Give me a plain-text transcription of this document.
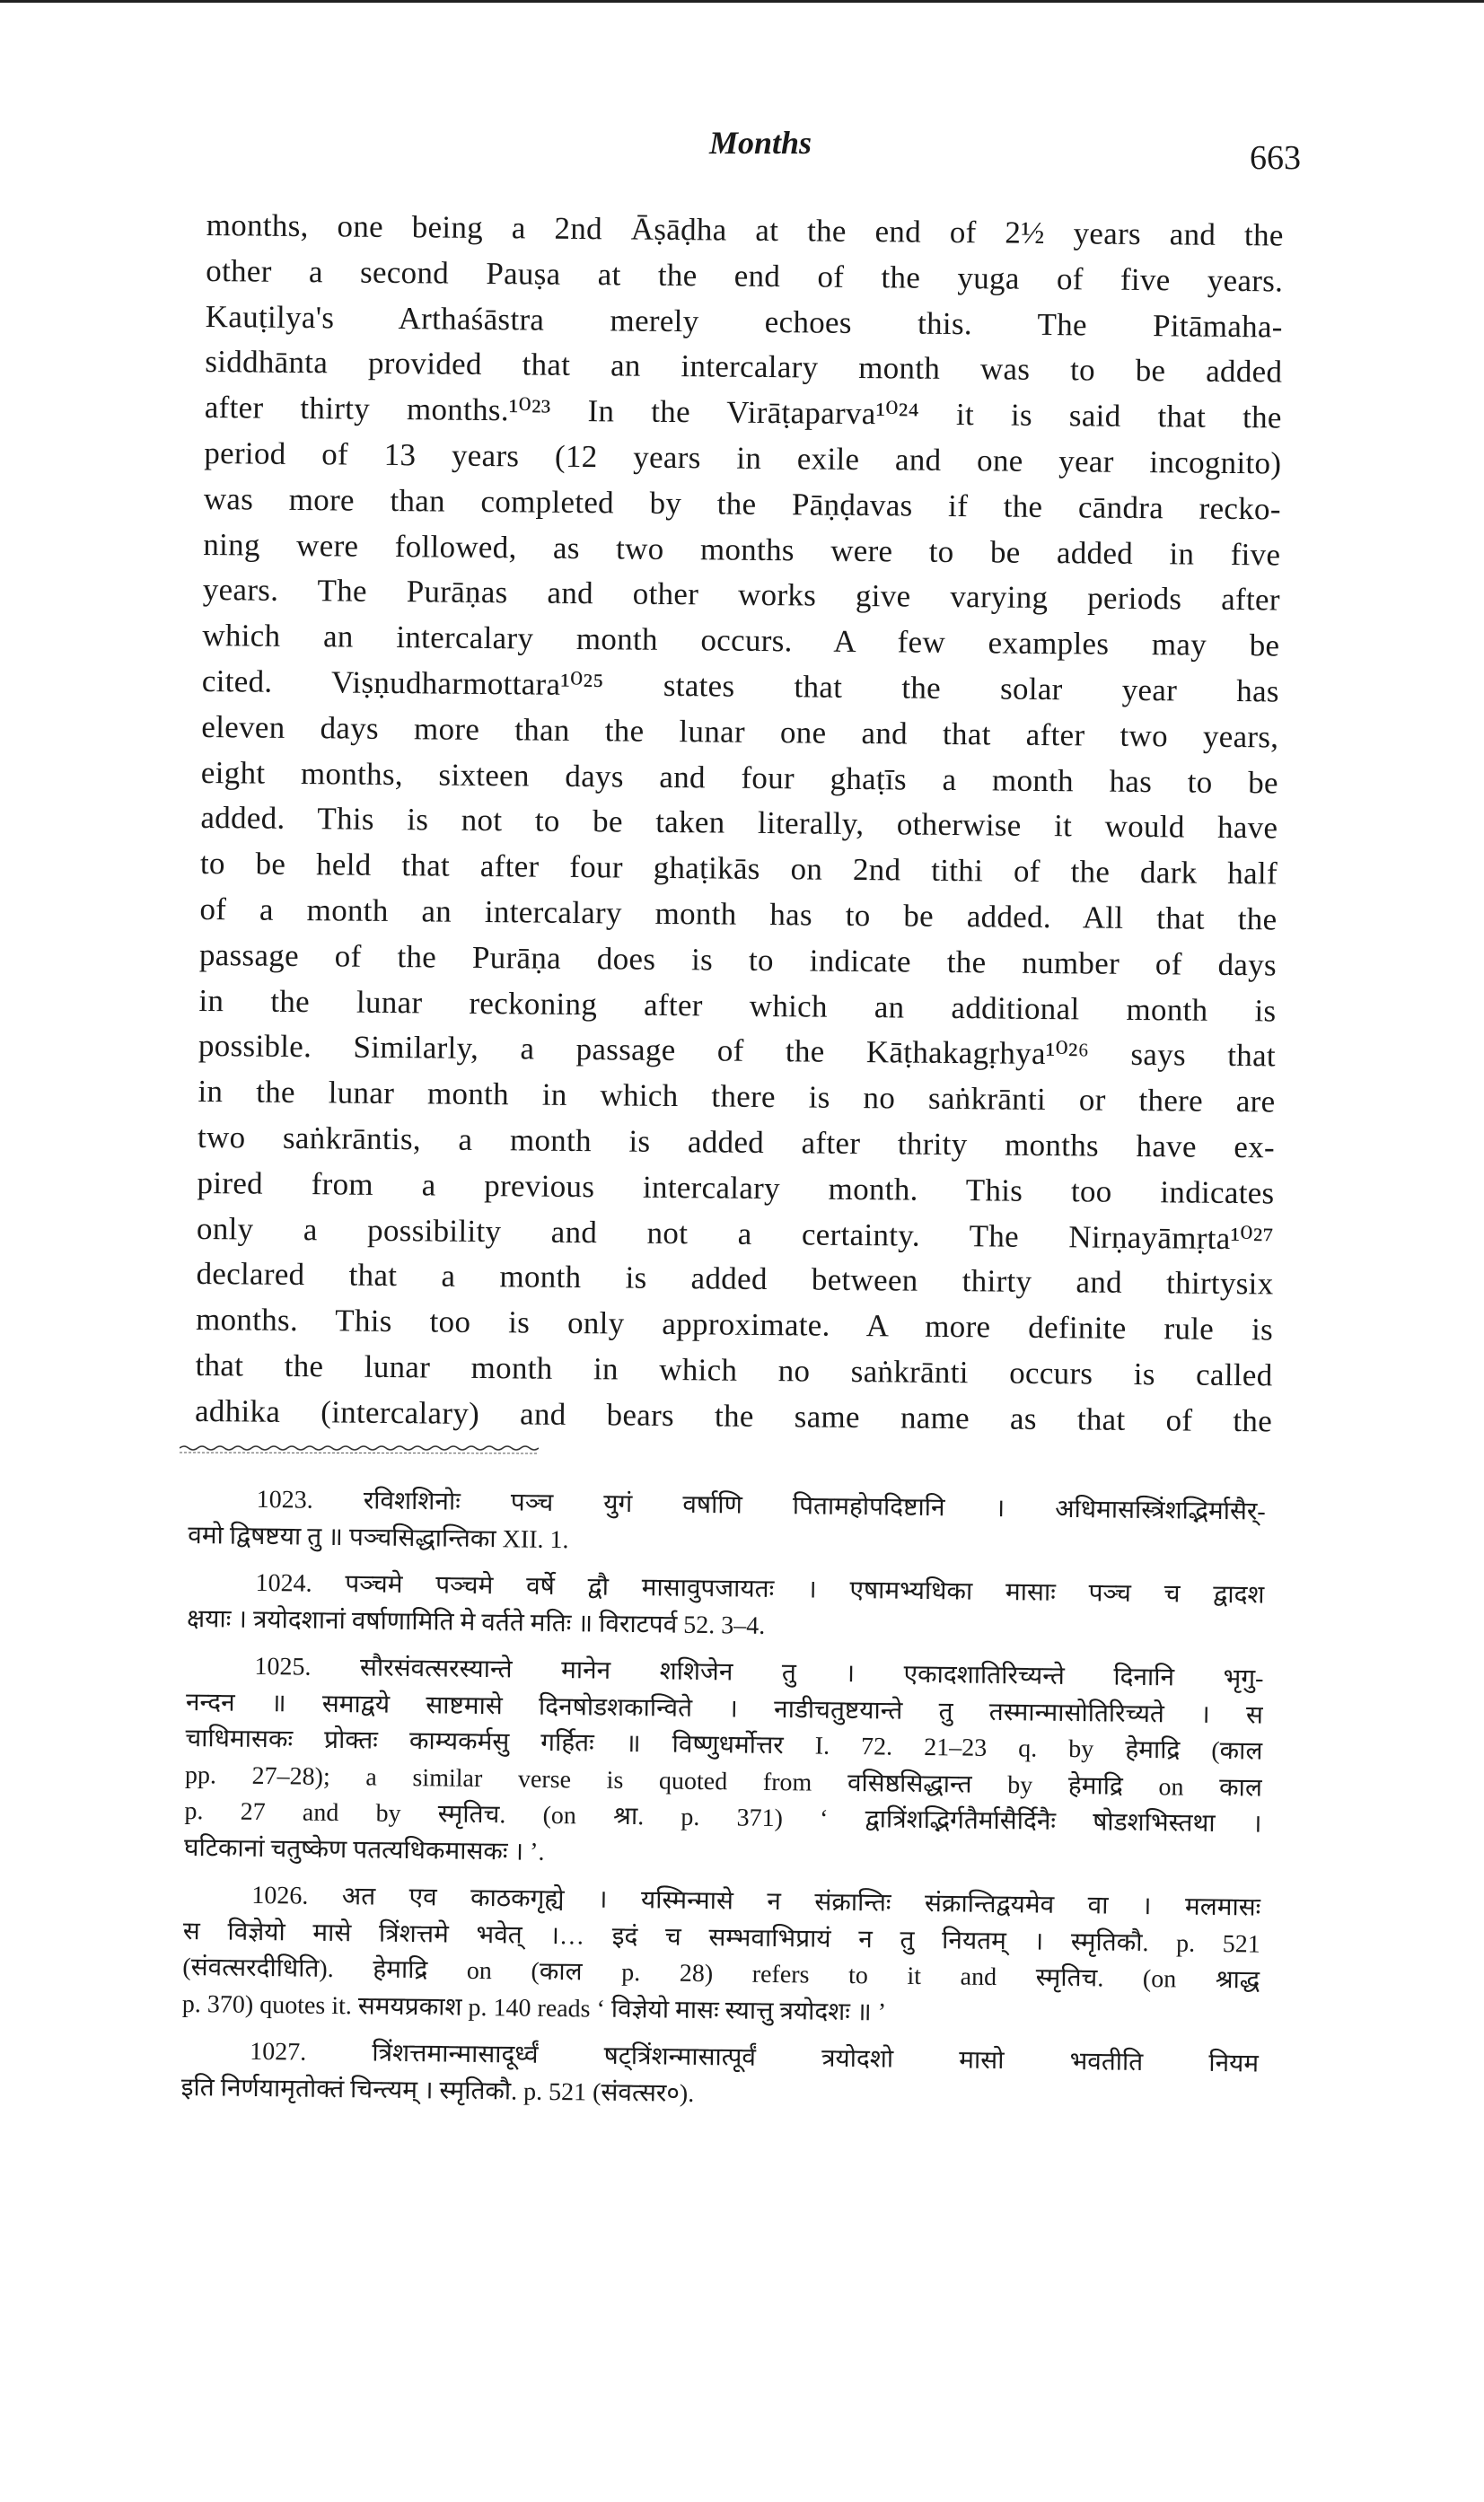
Months	663
months, one being a 2nd Āṣāḍha at the end of 2½ years and the
other a second Pauṣa at the end of the yuga of five years.
Kauṭilya's Arthaśāstra merely echoes this. The Pitāmaha-
siddhānta provided that an intercalary month was to be added
after thirty months.¹⁰²³ In the Virāṭaparva¹⁰²⁴ it is said that the
period of 13 years (12 years in exile and one year incognito)
was more than completed by the Pāṇḍavas if the cāndra recko-
ning were followed, as two months were to be added in five
years. The Purāṇas and other works give varying periods after
which an intercalary month occurs. A few examples may be
cited. Viṣṇudharmottara¹⁰²⁵ states that the solar year has
eleven days more than the lunar one and that after two years,
eight months, sixteen days and four ghaṭīs a month has to be
added. This is not to be taken literally, otherwise it would have
to be held that after four ghaṭikās on 2nd tithi of the dark half
of a month an intercalary month has to be added. All that the
passage of the Purāṇa does is to indicate the number of days
in the lunar reckoning after which an additional month is
possible. Similarly, a passage of the Kāṭhakagṛhya¹⁰²⁶ says that
in the lunar month in which there is no saṅkrānti or there are
two saṅkrāntis, a month is added after thrity months have ex-
pired from a previous intercalary month. This too indicates
only a possibility and not a certainty. The Nirṇayāmṛta¹⁰²⁷
declared that a month is added between thirty and thirtysix
months. This too is only approximate. A more definite rule is
that the lunar month in which no saṅkrānti occurs is called
adhika (intercalary) and bears the same name as that of the
1023. रविशशिनोः पञ्च युगं वर्षाणि पितामहोपदिष्टानि । अधिमासस्त्रिंशद्भिर्मासैर्-
वमो द्विषष्टया तु ॥ पञ्चसिद्धान्तिका XII. 1.
1024. पञ्चमे पञ्चमे वर्षे द्वौ मासावुपजायतः । एषामभ्यधिका मासाः पञ्च च द्वादश
क्षयाः । त्रयोदशानां वर्षाणामिति मे वर्तते मतिः ॥ विराटपर्व 52. 3–4.
1025. सौरसंवत्सरस्यान्ते मानेन शशिजेन तु । एकादशातिरिच्यन्ते दिनानि भृगु-
नन्दन ॥ समाद्वये साष्टमासे दिनषोडशकान्विते । नाडीचतुष्टयान्ते तु तस्मान्मासोतिरिच्यते । स
चाधिमासकः प्रोक्तः काम्यकर्मसु गर्हितः ॥ विष्णुधर्मोत्तर I. 72. 21–23 q. by हेमाद्रि (काल
pp. 27–28); a similar verse is quoted from वसिष्ठसिद्धान्त by हेमाद्रि on काल
p. 27 and by स्मृतिच. (on श्रा. p. 371) ‘ द्वात्रिंशद्भिर्गतैर्मासैर्दिनैः षोडशभिस्तथा ।
घटिकानां चतुष्केण पतत्यधिकमासकः । ’.
1026. अत एव काठकगृह्ये । यस्मिन्मासे न संक्रान्तिः संक्रान्तिद्वयमेव वा । मलमासः
स विज्ञेयो मासे त्रिंशत्तमे भवेत् ।… इदं च सम्भवाभिप्रायं न तु नियतम् । स्मृतिकौ. p. 521
(संवत्सरदीधिति). हेमाद्रि on (काल p. 28) refers to it and स्मृतिच. (on श्राद्ध
p. 370) quotes it. समयप्रकाश p. 140 reads ‘ विज्ञेयो मासः स्यात्तु त्रयोदशः ॥ ’
1027. त्रिंशत्तमान्मासादूर्ध्वं षट्त्रिंशन्मासात्पूर्वं त्रयोदशो मासो भवतीति नियम
इति निर्णयामृतोक्तं चिन्त्यम् । स्मृतिकौ. p. 521 (संवत्सर०).
